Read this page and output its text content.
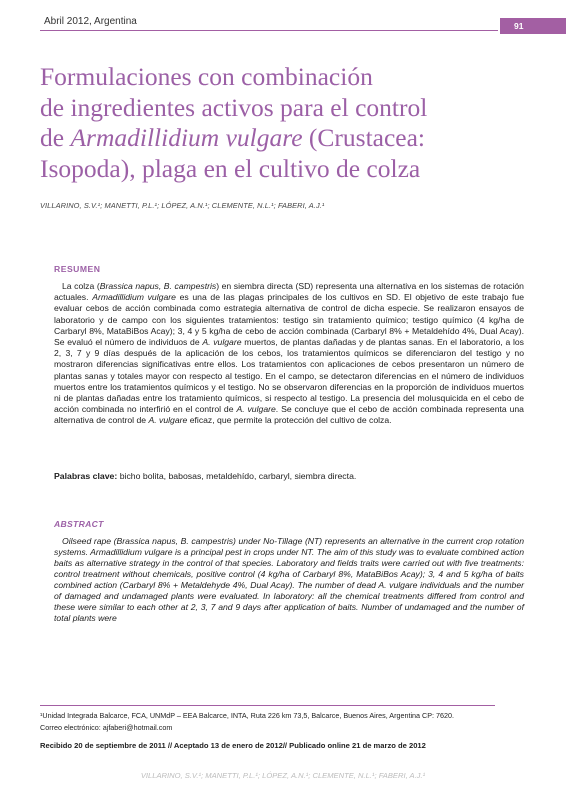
Abril 2012, Argentina	91
Formulaciones con combinación
de ingredientes activos para el control
de Armadillidium vulgare (Crustacea:
Isopoda), plaga en el cultivo de colza
VILLARINO, S.V.¹; MANETTI, P.L.¹; LÓPEZ, A.N.¹; CLEMENTE, N.L.¹; FABERI, A.J.¹
RESUMEN

La colza (Brassica napus, B. campestris) en siembra directa (SD) representa una alternativa en los sistemas de rotación actuales. Armadillidium vulgare es una de las plagas principales de los cultivos en SD. El objetivo de este trabajo fue evaluar cebos de acción combinada como estrategia alternativa de control de dicha especie. Se realizaron ensayos de laboratorio y de campo con los siguientes tratamientos: testigo sin tratamiento químico; testigo químico (4 kg/ha de Carbaryl 8%, MataBiBos Acay); 3, 4 y 5 kg/ha de cebo de acción combinada (Carbaryl 8% + Metaldehído 4%, Dual Acay). Se evaluó el número de individuos de A. vulgare muertos, de plantas dañadas y de plantas sanas. En el laboratorio, a los 2, 3, 7 y 9 días después de la aplicación de los cebos, los tratamientos químicos se diferenciaron del testigo y no mostraron diferencias significativas entre ellos. Los tratamientos con aplicaciones de cebos presentaron un número de plantas sanas y totales mayor con respecto al testigo. En el campo, se detectaron diferencias en el número de individuos muertos entre los tratamientos químicos y el testigo. No se observaron diferencias en la proporción de individuos muertos ni de plantas dañadas entre los tratamiento químicos, si respecto al testigo. La presencia del molusquicida en el cebo de acción combinada no interfirió en el control de A. vulgare. Se concluye que el cebo de acción combinada representa una alternativa de control de A. vulgare eficaz, que permite la protección del cultivo de colza.

Palabras clave: bicho bolita, babosas, metaldehído, carbaryl, siembra directa.
ABSTRACT

Oilseed rape (Brassica napus, B. campestris) under No-Tillage (NT) represents an alternative in the current crop rotation systems. Armadillidium vulgare is a principal pest in crops under NT. The aim of this study was to evaluate combined action baits as alternative strategy in the control of that species. Laboratory and fields traits were carried out with five treatments: control treatment without chemicals, positive control (4 kg/ha of Carbaryl 8%, MataBiBos Acay); 3, 4 and 5 kg/ha of baits combined action (Carbaryl 8% + Metaldehyde 4%, Dual Acay). The number of dead A. vulgare individuals and the number of damaged and undamaged plants were evaluated. In laboratory: all the chemical treatments differed from control and these were similar to each other at 2, 3, 7 and 9 days after application of baits. Number of undamaged and the number of total plants were

¹Unidad Integrada Balcarce, FCA, UNMdP – EEA Balcarce, INTA, Ruta 226 km 73,5, Balcarce, Buenos Aires, Argentina CP: 7620.
Correo electrónico: ajfaberi@hotmail.com
Recibido 20 de septiembre de 2011 // Aceptado 13 de enero de 2012// Publicado online 21 de marzo de 2012
VILLARINO, S.V.¹; MANETTI, P.L.¹; LÓPEZ, A.N.¹; CLEMENTE, N.L.¹; FABERI, A.J.¹
